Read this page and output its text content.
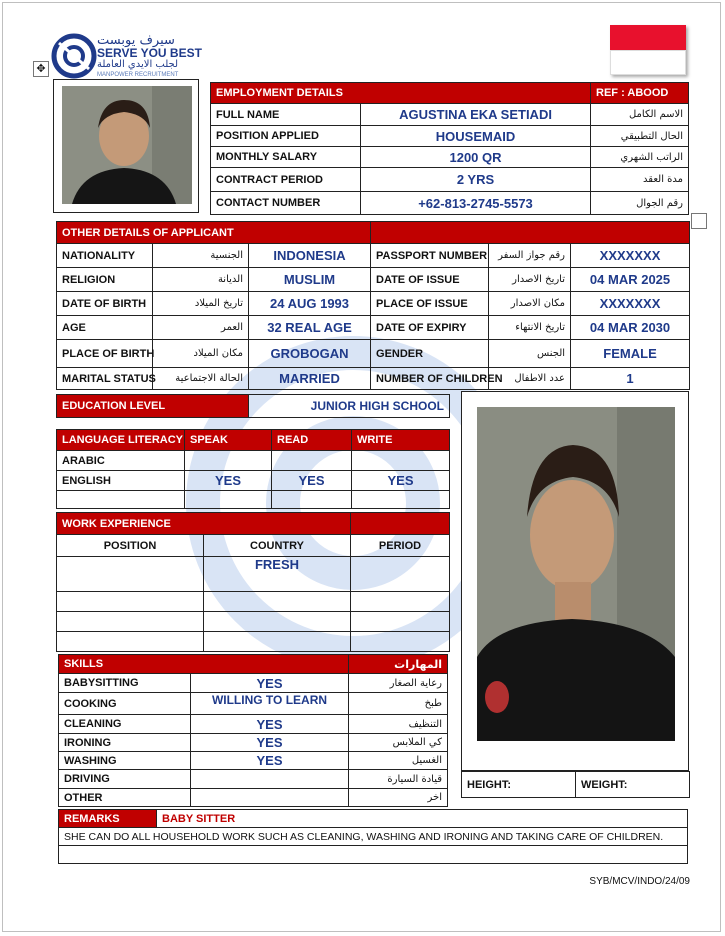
سيرف يوبست
SERVE YOU BEST
لجلب الايدي العاملة
MANPOWER RECRUITMENT
✥
EMPLOYMENT DETAILS		REF : ABOOD
FULL NAME	AGUSTINA EKA SETIADI	الاسم الكامل
POSITION APPLIED	HOUSEMAID	الحال التطبيقي
MONTHLY SALARY	1200 QR	الراتب الشهري
CONTRACT PERIOD	2 YRS	مدة العقد
CONTACT NUMBER	+62-813-2745-5573	رقم الجوال
OTHER DETAILS OF APPLICANT					
NATIONALITY	الجنسية	INDONESIA	PASSPORT NUMBER	رقم جواز السفر	XXXXXXX
RELIGION	الديانة	MUSLIM	DATE OF ISSUE	تاريخ الاصدار	04 MAR 2025
DATE OF BIRTH	تاريخ الميلاد	24 AUG 1993	PLACE OF ISSUE	مكان الاصدار	XXXXXXX
AGE	العمر	32 REAL AGE	DATE OF EXPIRY	تاريخ الانتهاء	04 MAR 2030
PLACE OF BIRTH	مكان الميلاد	GROBOGAN	GENDER	الجنس	FEMALE
MARITAL STATUS	الحالة الاجتماعية	MARRIED	NUMBER OF CHILDREN	عدد الاطفال	1
EDUCATION LEVEL	JUNIOR HIGH SCHOOL
LANGUAGE LITERACY	SPEAK	READ	WRITE
ARABIC			
ENGLISH	YES	YES	YES

WORK EXPERIENCE		
POSITION	COUNTRY	PERIOD
	FRESH	

SKILLS		المهارات
BABYSITTING	YES	رعاية الصغار
COOKING	WILLING TO LEARN	طبخ
CLEANING	YES	التنظيف
IRONING	YES	كي الملابس
WASHING	YES	الغسيل
DRIVING		قيادة السيارة
OTHER		اخر
HEIGHT:	WEIGHT:
REMARKS	BABY SITTER
SHE CAN DO ALL HOUSEHOLD WORK SUCH AS CLEANING, WASHING AND IRONING AND TAKING CARE OF CHILDREN.

SYB/MCV/INDO/24/09
